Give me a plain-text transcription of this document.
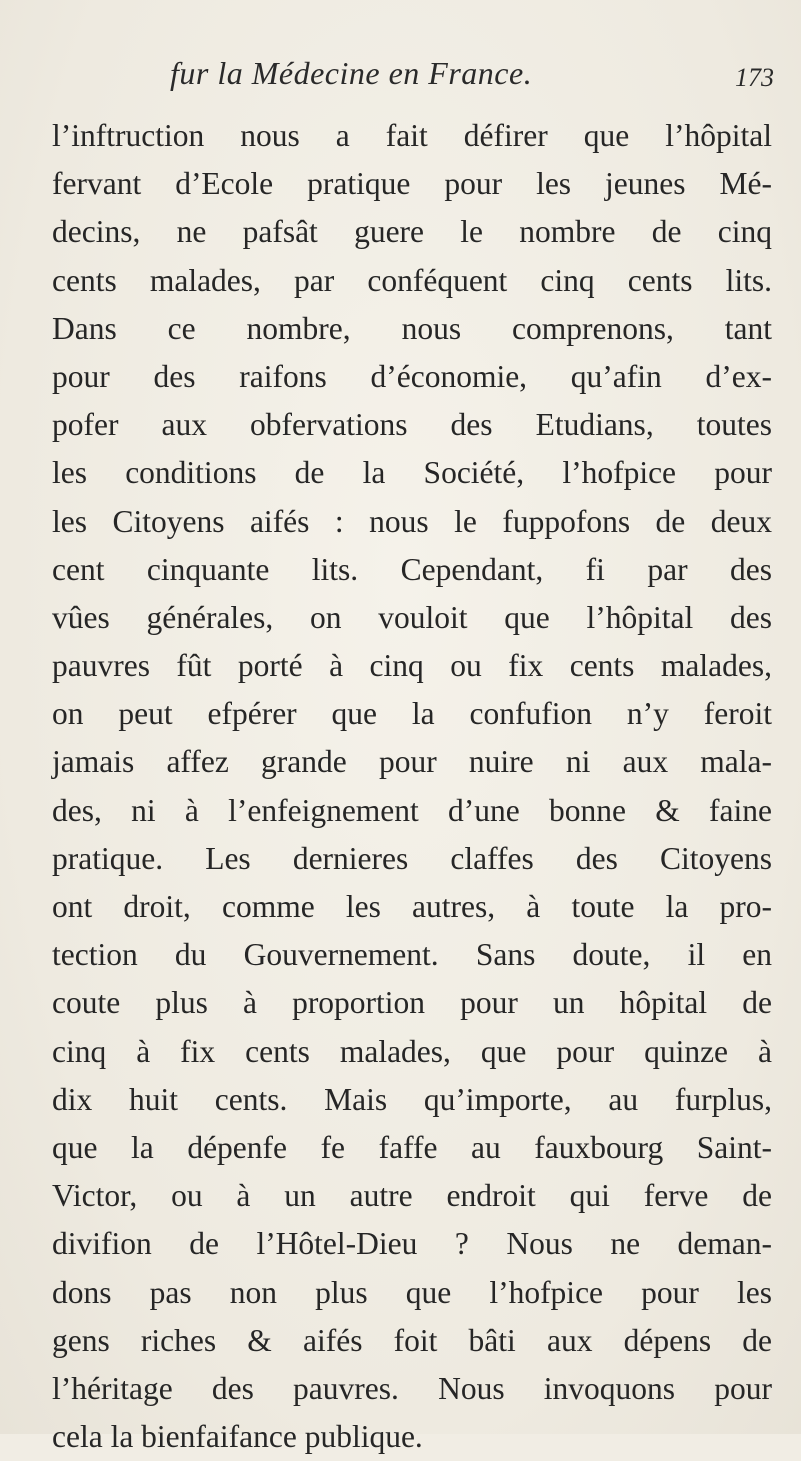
fur la Médecine en France.	173
l’inftruction nous a fait défirer que l’hôpital
fervant d’Ecole pratique pour les jeunes Mé-
decins, ne pafsât guere le nombre de cinq
cents malades, par conféquent cinq cents lits.
Dans ce nombre, nous comprenons, tant
pour des raifons d’économie, qu’afin d’ex-
pofer aux obfervations des Etudians, toutes
les conditions de la Société, l’hofpice pour
les Citoyens aifés : nous le fuppofons de deux
cent cinquante lits. Cependant, fi par des
vûes générales, on vouloit que l’hôpital des
pauvres fût porté à cinq ou fix cents malades,
on peut efpérer que la confufion n’y feroit
jamais affez grande pour nuire ni aux mala-
des, ni à l’enfeignement d’une bonne & faine
pratique. Les dernieres claffes des Citoyens
ont droit, comme les autres, à toute la pro-
tection du Gouvernement. Sans doute, il en
coute plus à proportion pour un hôpital de
cinq à fix cents malades, que pour quinze à
dix huit cents. Mais qu’importe, au furplus,
que la dépenfe fe faffe au fauxbourg Saint-
Victor, ou à un autre endroit qui ferve de
divifion de l’Hôtel-Dieu ? Nous ne deman-
dons pas non plus que l’hofpice pour les
gens riches & aifés foit bâti aux dépens de
l’héritage des pauvres. Nous invoquons pour
cela la bienfaifance publique.
